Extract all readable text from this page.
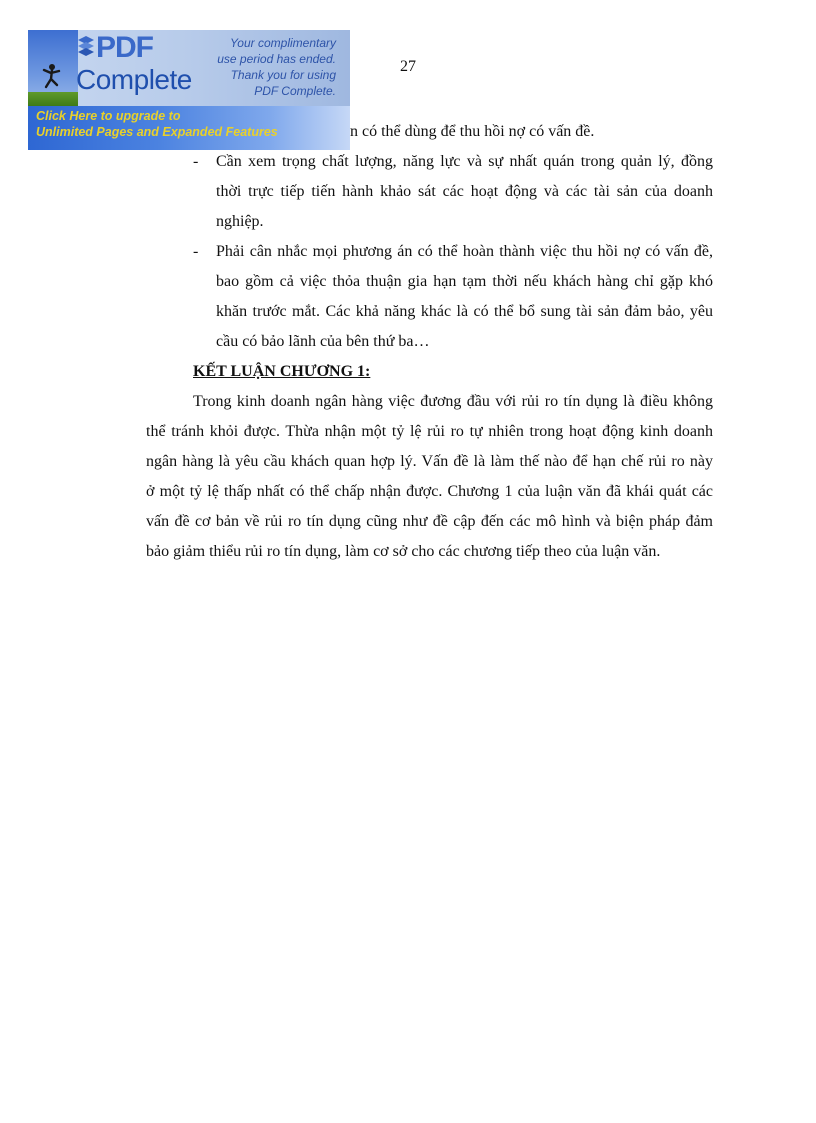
27
PDF
Complete
Your complimentary
use period has ended.
Thank you for using
PDF Complete.
Click Here to upgrade to
Unlimited Pages and Expanded Features	n có thể dùng để thu hồi nợ có vấn đề.
- Cần xem trọng chất lượng, năng lực và sự nhất quán trong quản lý, đồng
thời trực tiếp tiến hành khảo sát các hoạt động và các tài sản của doanh
nghiệp.
- Phải cân nhắc mọi phương án có thể hoàn thành việc thu hồi nợ có vấn đề,
bao gồm cả việc thỏa thuận gia hạn tạm thời nếu khách hàng chỉ gặp khó
khăn trước mắt. Các khả năng khác là có thể bổ sung tài sản đảm bảo, yêu
cầu có bảo lãnh của bên thứ ba…
KẾT LUẬN CHƯƠNG 1:
Trong kinh doanh ngân hàng việc đương đầu với rủi ro tín dụng là điều không
thể tránh khỏi được. Thừa nhận một tỷ lệ rủi ro tự nhiên trong hoạt động kinh doanh
ngân hàng là yêu cầu khách quan hợp lý. Vấn đề là làm thế nào để hạn chế rủi ro này
ở một tỷ lệ thấp nhất có thể chấp nhận được. Chương 1 của luận văn đã khái quát các
vấn đề cơ bản về rủi ro tín dụng cũng như đề cập đến các mô hình và biện pháp đảm
bảo giảm thiểu rủi ro tín dụng, làm cơ sở cho các chương tiếp theo của luận văn.
